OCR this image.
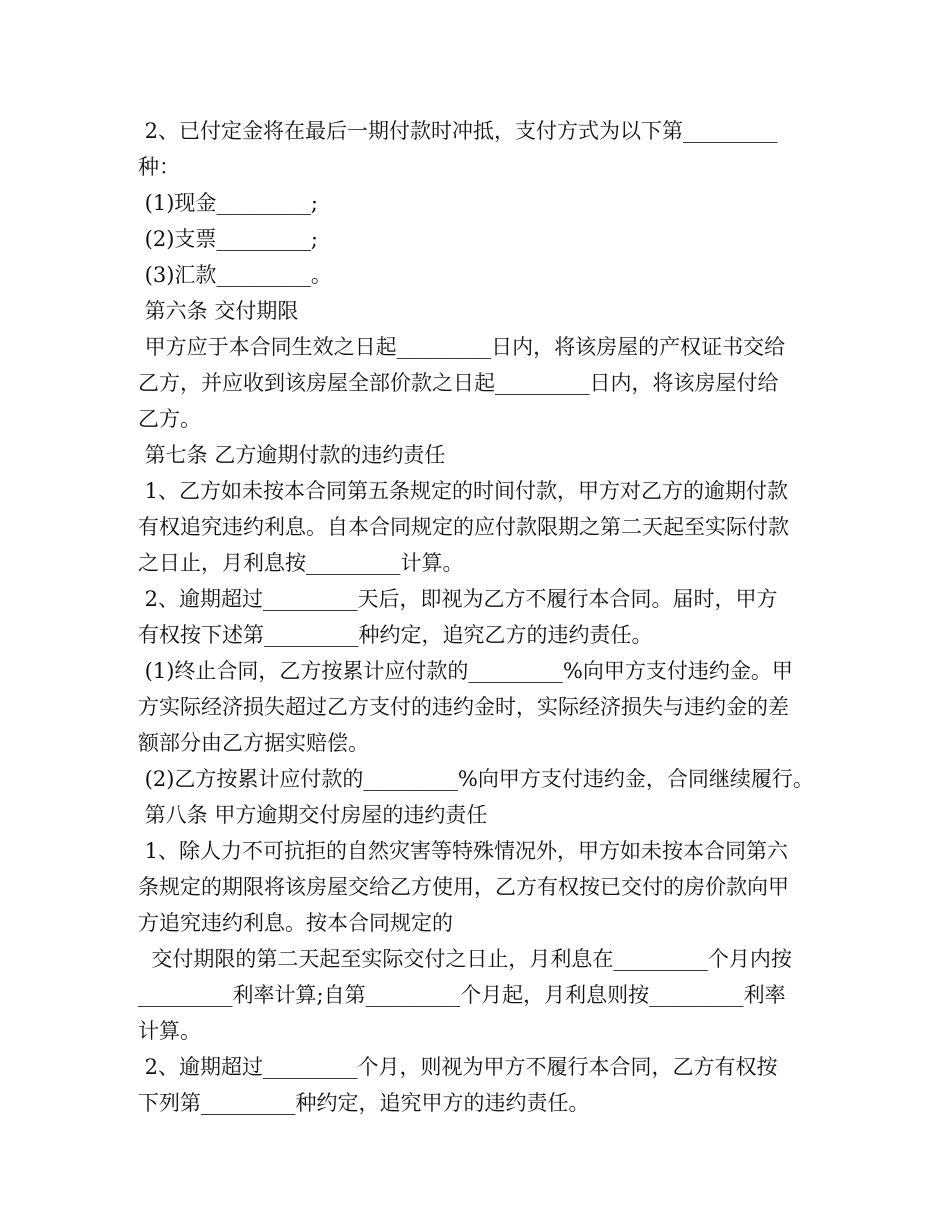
2、已付定金将在最后一期付款时冲抵，支付方式为以下第_________
种：
(1)现金_________;
(2)支票_________;
(3)汇款_________。
第六条 交付期限
甲方应于本合同生效之日起_________日内，将该房屋的产权证书交给
乙方，并应收到该房屋全部价款之日起_________日内，将该房屋付给
乙方。
第七条 乙方逾期付款的违约责任
1、乙方如未按本合同第五条规定的时间付款，甲方对乙方的逾期付款
有权追究违约利息。自本合同规定的应付款限期之第二天起至实际付款
之日止，月利息按_________计算。
2、逾期超过_________天后，即视为乙方不履行本合同。届时，甲方
有权按下述第_________种约定，追究乙方的违约责任。
(1)终止合同，乙方按累计应付款的_________%向甲方支付违约金。甲
方实际经济损失超过乙方支付的违约金时，实际经济损失与违约金的差
额部分由乙方据实赔偿。
(2)乙方按累计应付款的_________%向甲方支付违约金，合同继续履行。
第八条 甲方逾期交付房屋的违约责任
1、除人力不可抗拒的自然灾害等特殊情况外，甲方如未按本合同第六
条规定的期限将该房屋交给乙方使用，乙方有权按已交付的房价款向甲
方追究违约利息。按本合同规定的
交付期限的第二天起至实际交付之日止，月利息在_________个月内按
_________利率计算;自第_________个月起，月利息则按_________利率
计算。
2、逾期超过_________个月，则视为甲方不履行本合同，乙方有权按
下列第_________种约定，追究甲方的违约责任。
